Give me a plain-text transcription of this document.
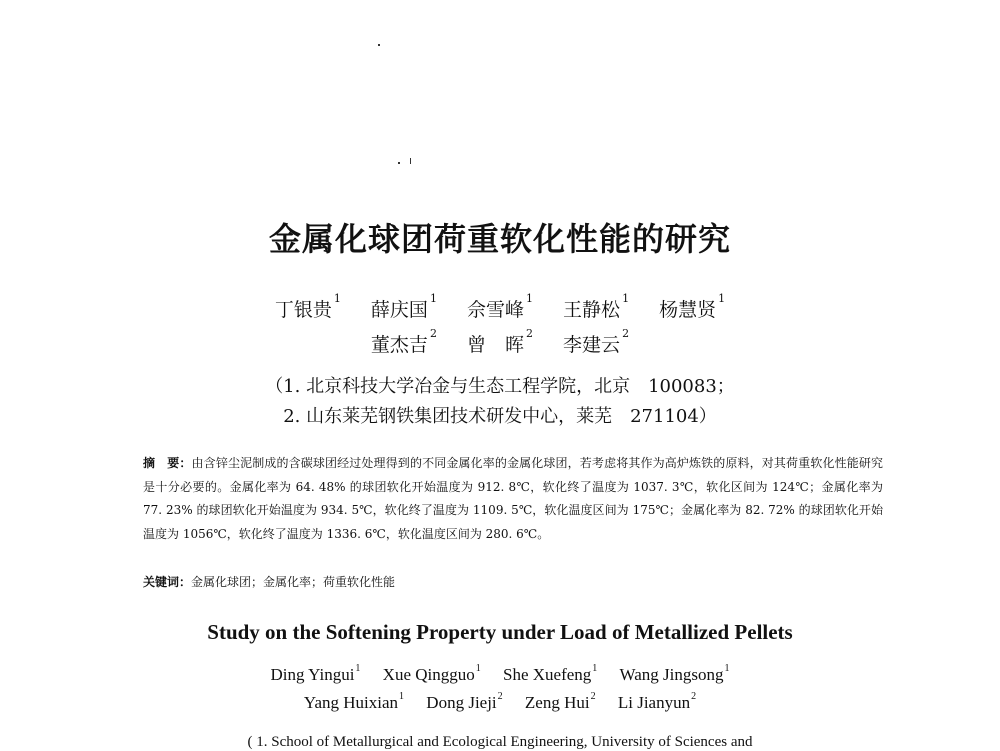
金属化球团荷重软化性能的研究
丁银贵$^1$ 薛庆国$^1$ 佘雪峰$^1$ 王静松$^1$ 杨慧贤$^1$
董杰吉$^2$ 曾　晖$^2$ 李建云$^2$
（1. 北京科技大学冶金与生态工程学院，北京　100083；
2. 山东莱芜钢铁集团技术研发中心，莱芜　271104）
摘　要：由含锌尘泥制成的含碳球团经过处理得到的不同金属化率的金属化球团，若考虑将其作为高炉炼铁的原料，对其荷重软化性能研究是十分必要的。金属化率为 64. 48% 的球团软化开始温度为 912. 8℃，软化终了温度为 1037. 3℃，软化区间为 124℃；金属化率为 77. 23% 的球团软化开始温度为 934. 5℃，软化终了温度为 1109. 5℃，软化温度区间为 175℃；金属化率为 82. 72% 的球团软化开始温度为 1056℃，软化终了温度为 1336. 6℃，软化温度区间为 280. 6℃。
关键词：金属化球团；金属化率；荷重软化性能
Study on the Softening Property under Load of Metallized Pellets
Ding Yingui$^1$ Xue Qingguo$^1$ She Xuefeng$^1$ Wang Jingsong$^1$
Yang Huixian$^1$ Dong Jieji$^2$ Zeng Hui$^2$ Li Jianyun$^2$
( 1. School of Metallurgical and Ecological Engineering, University of Sciences and
